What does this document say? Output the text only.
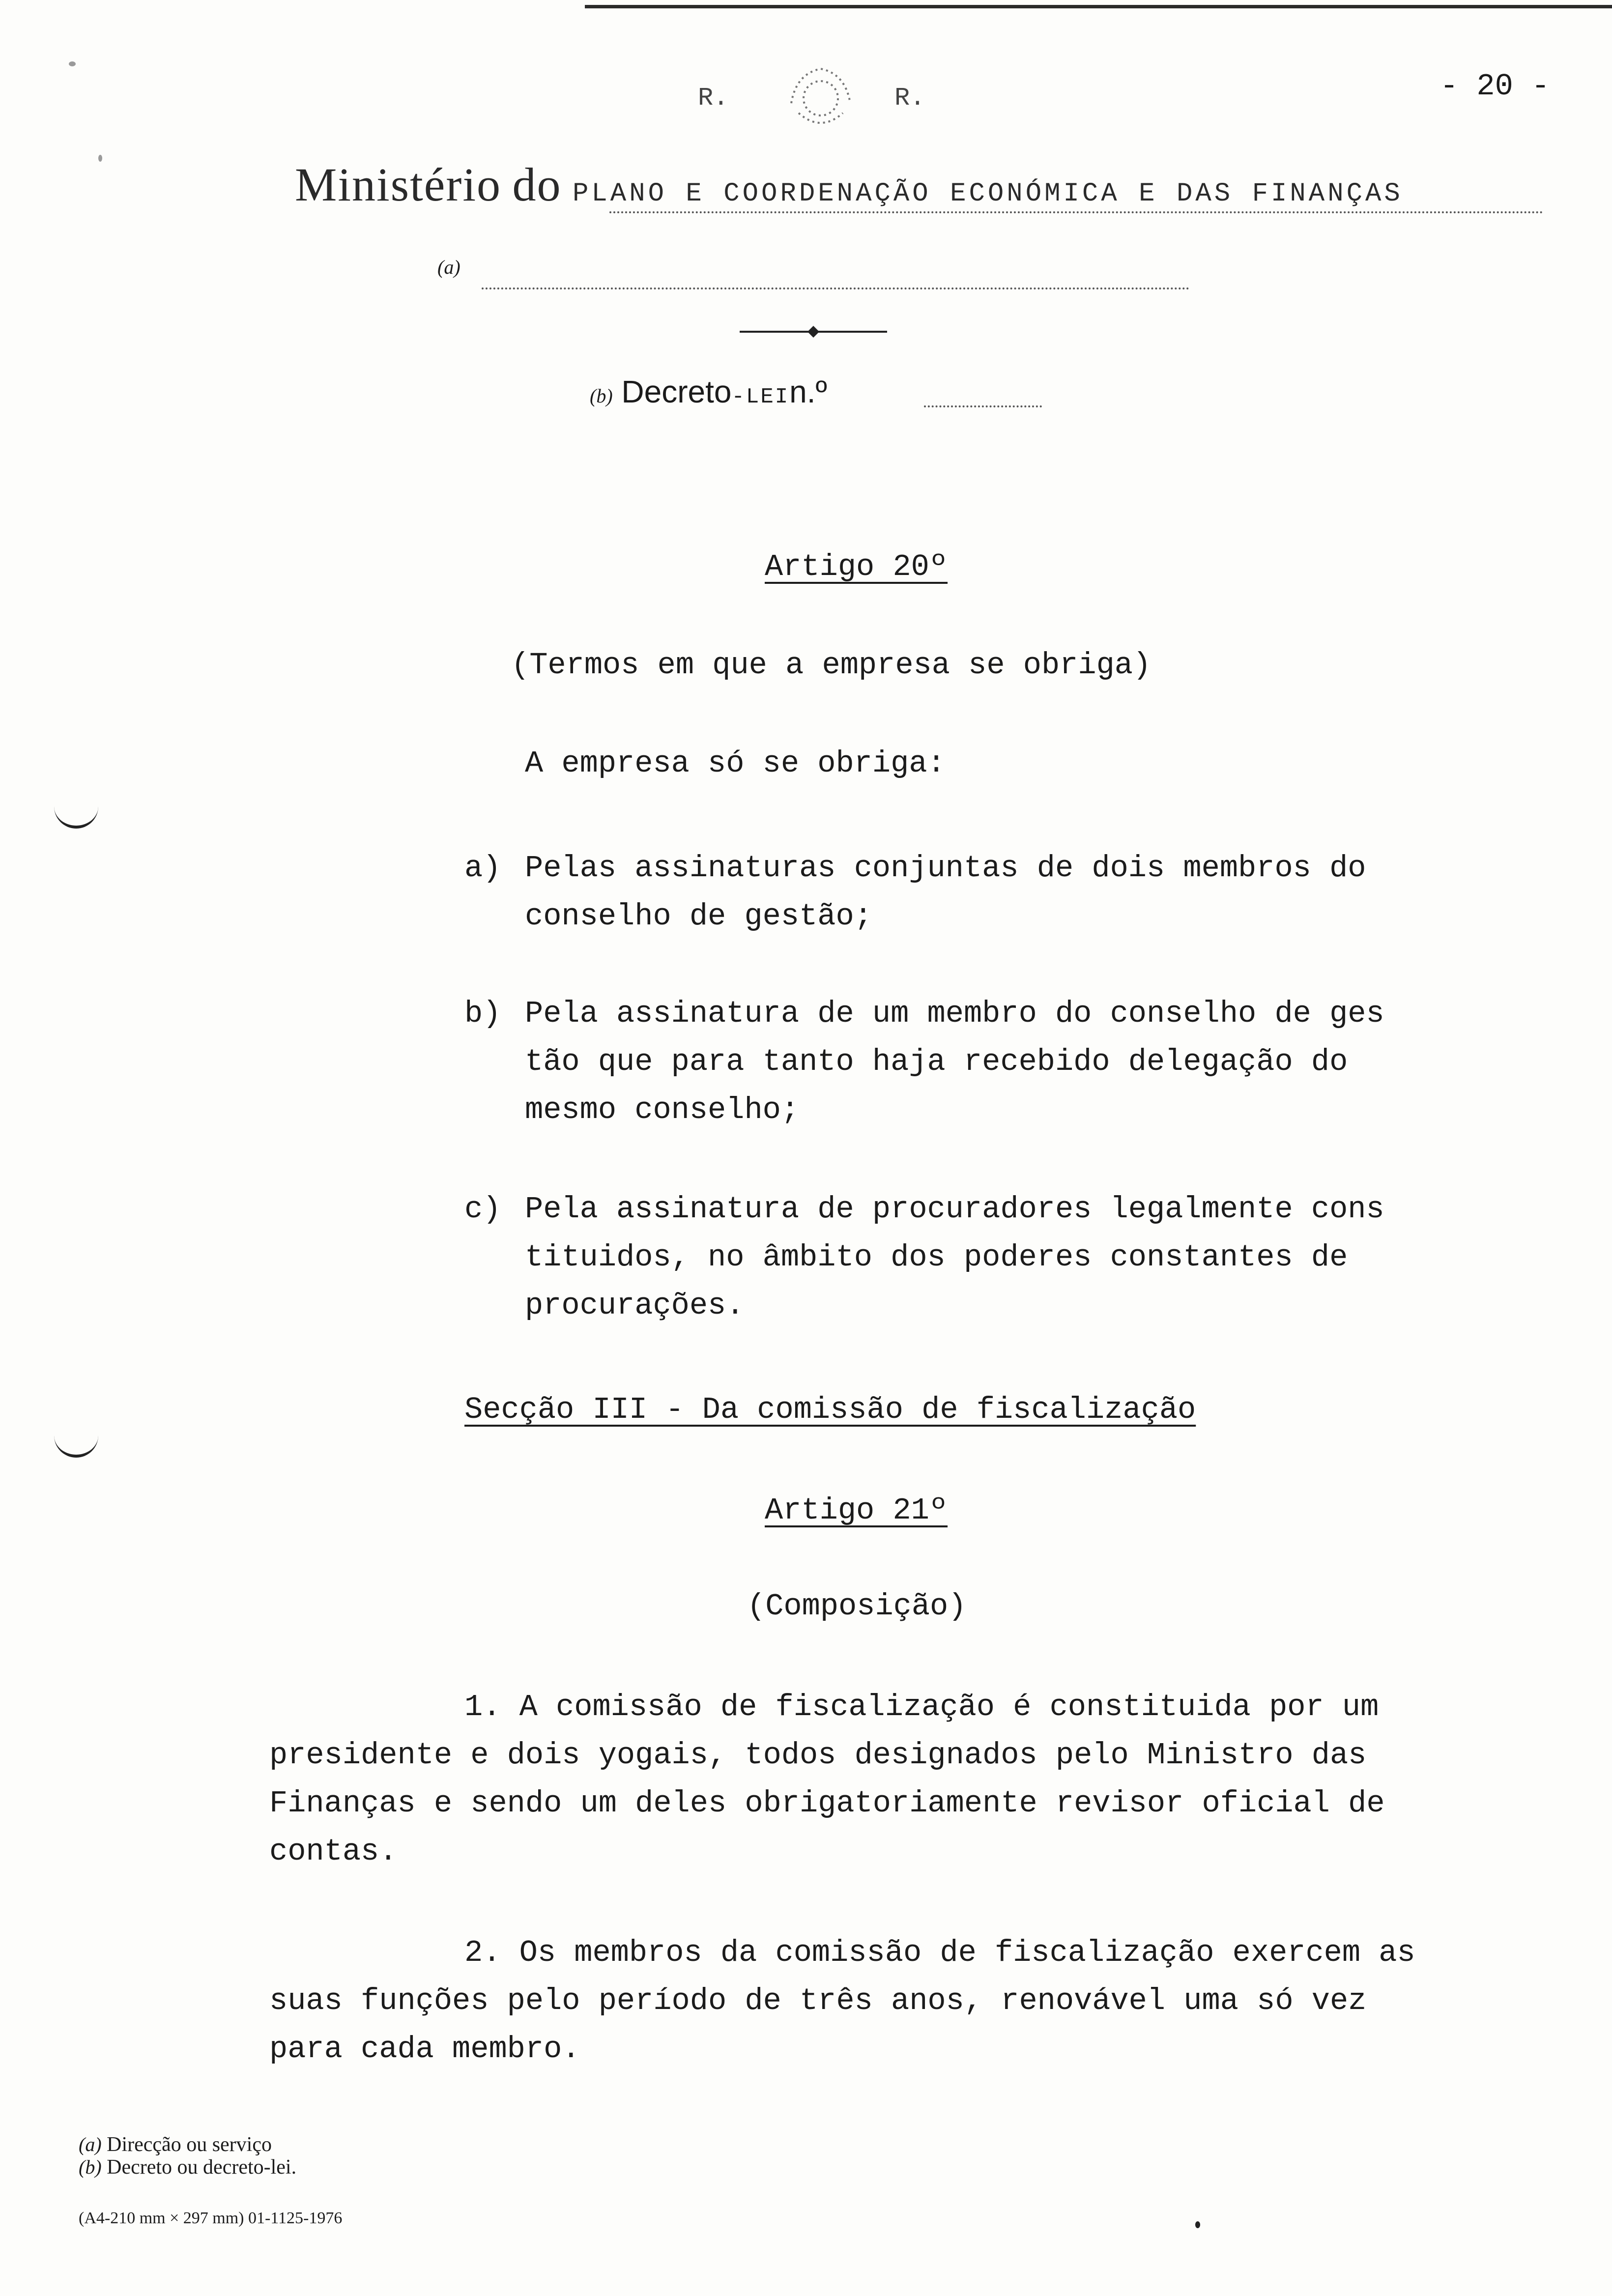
R.	R.	- 20 -
Ministério do PLANO E COORDENAÇÃO ECONÓMICA E DAS FINANÇAS
(a)
(b) Decreto-LEIn.º
Artigo 20º
(Termos em que a empresa se obriga)
A empresa só se obriga:
a) Pelas assinaturas conjuntas de dois membros do
conselho de gestão;
b) Pela assinatura de um membro do conselho de ges
tão que para tanto haja recebido delegação do
mesmo conselho;
c) Pela assinatura de procuradores legalmente cons
tituidos, no âmbito dos poderes constantes de
procurações.
Secção III - Da comissão de fiscalização
Artigo 21º
(Composição)
1. A comissão de fiscalização é constituida por um
presidente e dois yogais, todos designados pelo Ministro das
Finanças e sendo um deles obrigatoriamente revisor oficial de
contas.
2. Os membros da comissão de fiscalização exercem as
suas funções pelo período de três anos, renovável uma só vez
para cada membro.
(a) Direcção ou serviço
(b) Decreto ou decreto-lei.
(A4-210 mm × 297 mm) 01-1125-1976
